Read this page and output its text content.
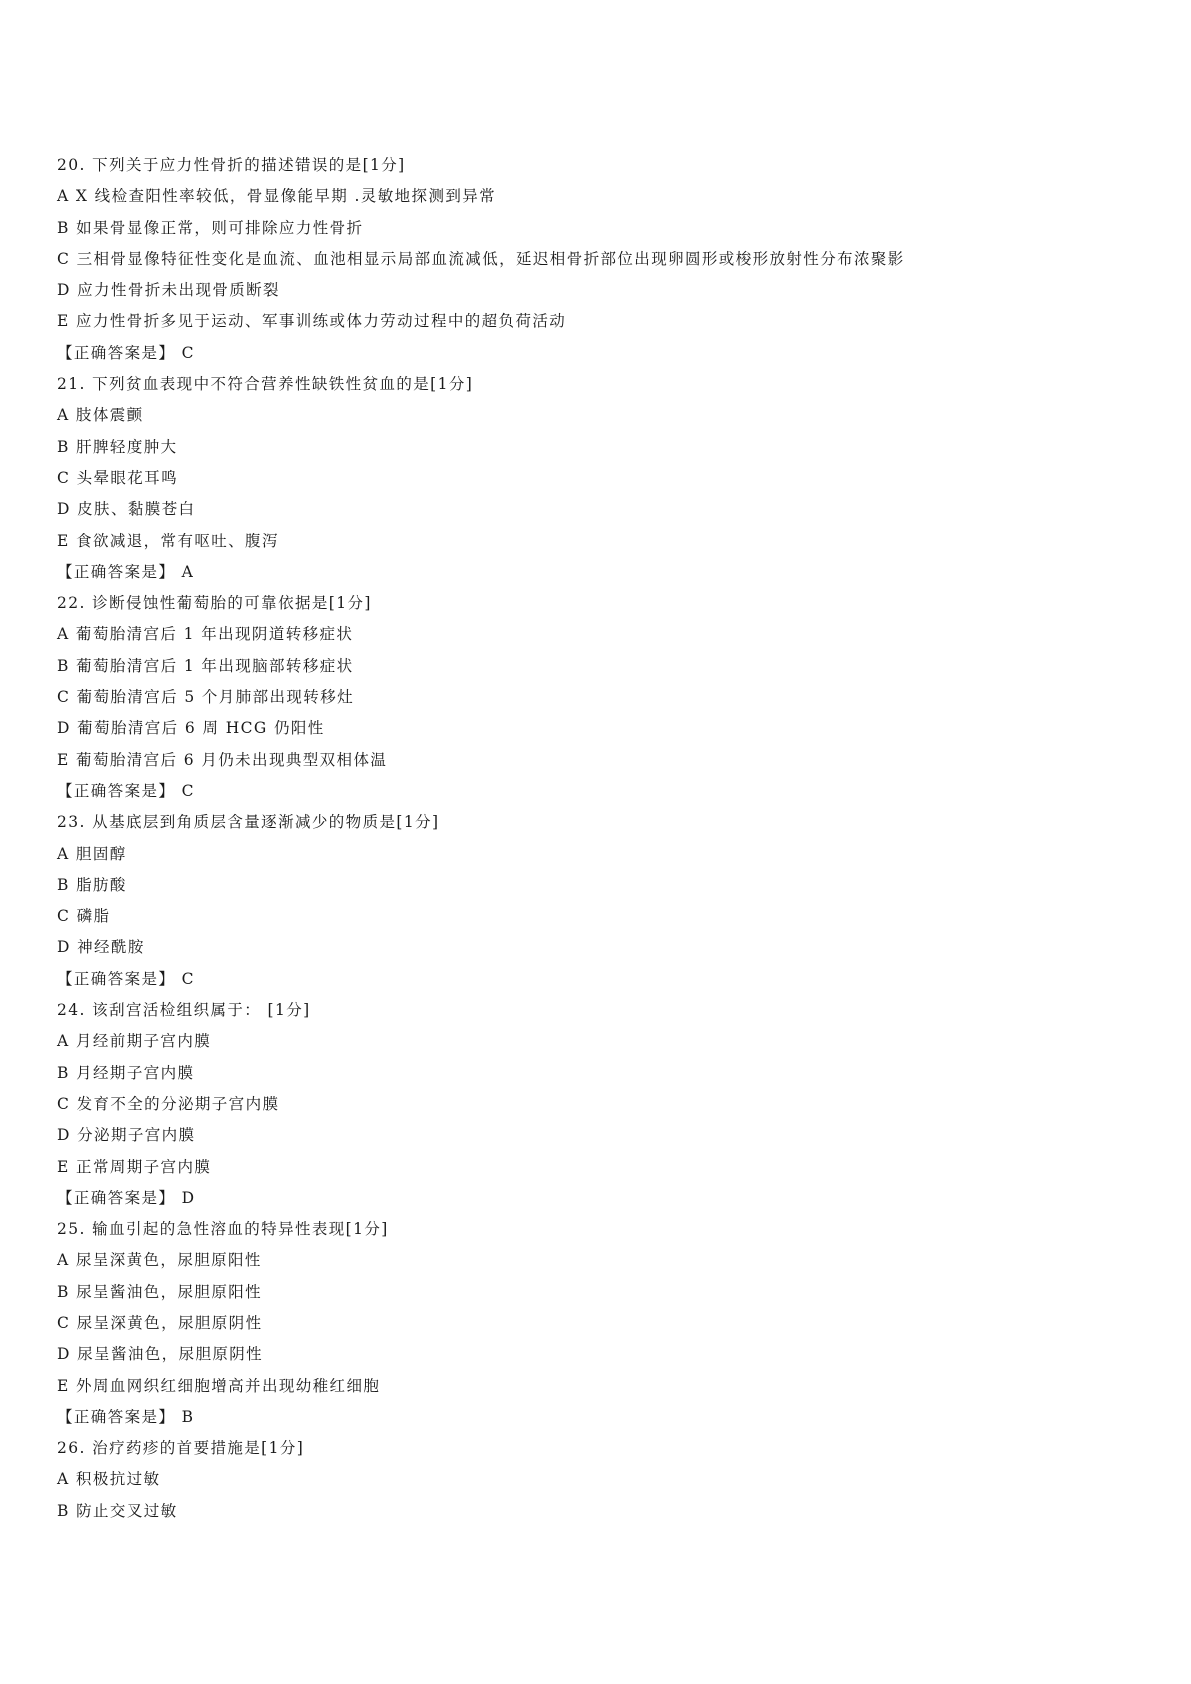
20. 下列关于应力性骨折的描述错误的是[1分]
A X 线检查阳性率较低，骨显像能早期 .灵敏地探测到异常
B 如果骨显像正常，则可排除应力性骨折
C 三相骨显像特征性变化是血流、血池相显示局部血流减低，延迟相骨折部位出现卵圆形或梭形放射性分布浓聚影
D 应力性骨折未出现骨质断裂
E 应力性骨折多见于运动、军事训练或体力劳动过程中的超负荷活动
【正确答案是】 C
21. 下列贫血表现中不符合营养性缺铁性贫血的是[1分]
A 肢体震颤
B 肝脾轻度肿大
C 头晕眼花耳鸣
D 皮肤、黏膜苍白
E 食欲减退，常有呕吐、腹泻
【正确答案是】 A
22. 诊断侵蚀性葡萄胎的可靠依据是[1分]
A 葡萄胎清宫后 1 年出现阴道转移症状
B 葡萄胎清宫后 1 年出现脑部转移症状
C 葡萄胎清宫后 5 个月肺部出现转移灶
D 葡萄胎清宫后 6 周 HCG 仍阳性
E 葡萄胎清宫后 6 月仍未出现典型双相体温
【正确答案是】 C
23. 从基底层到角质层含量逐渐减少的物质是[1分]
A 胆固醇
B 脂肪酸
C 磷脂
D 神经酰胺
【正确答案是】 C
24. 该刮宫活检组织属于： [1分]
A 月经前期子宫内膜
B 月经期子宫内膜
C 发育不全的分泌期子宫内膜
D 分泌期子宫内膜
E 正常周期子宫内膜
【正确答案是】 D
25. 输血引起的急性溶血的特异性表现[1分]
A 尿呈深黄色，尿胆原阳性
B 尿呈酱油色，尿胆原阳性
C 尿呈深黄色，尿胆原阴性
D 尿呈酱油色，尿胆原阴性
E 外周血网织红细胞增高并出现幼稚红细胞
【正确答案是】 B
26. 治疗药疹的首要措施是[1分]
A 积极抗过敏
B 防止交叉过敏
